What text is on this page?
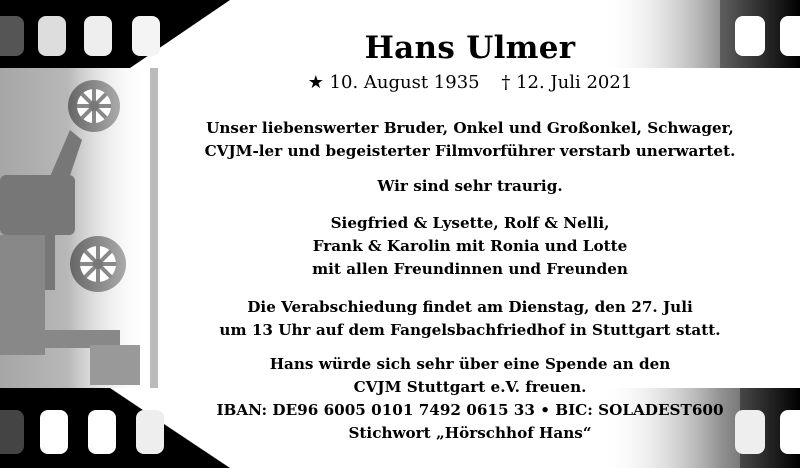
Hans Ulmer
★ 10. August 1935 † 12. Juli 2021
Unser liebenswerter Bruder, Onkel und Großonkel, Schwager,
CVJM-ler und begeisterter Filmvorführer verstarb unerwartet.
Wir sind sehr traurig.
Siegfried & Lysette, Rolf & Nelli,
Frank & Karolin mit Ronia und Lotte
mit allen Freundinnen und Freunden
Die Verabschiedung findet am Dienstag, den 27. Juli
um 13 Uhr auf dem Fangelsbachfriedhof in Stuttgart statt.
Hans würde sich sehr über eine Spende an den
CVJM Stuttgart e.V. freuen.
IBAN: DE96 6005 0101 7492 0615 33 • BIC: SOLADEST600
Stichwort „Hörschhof Hans“
